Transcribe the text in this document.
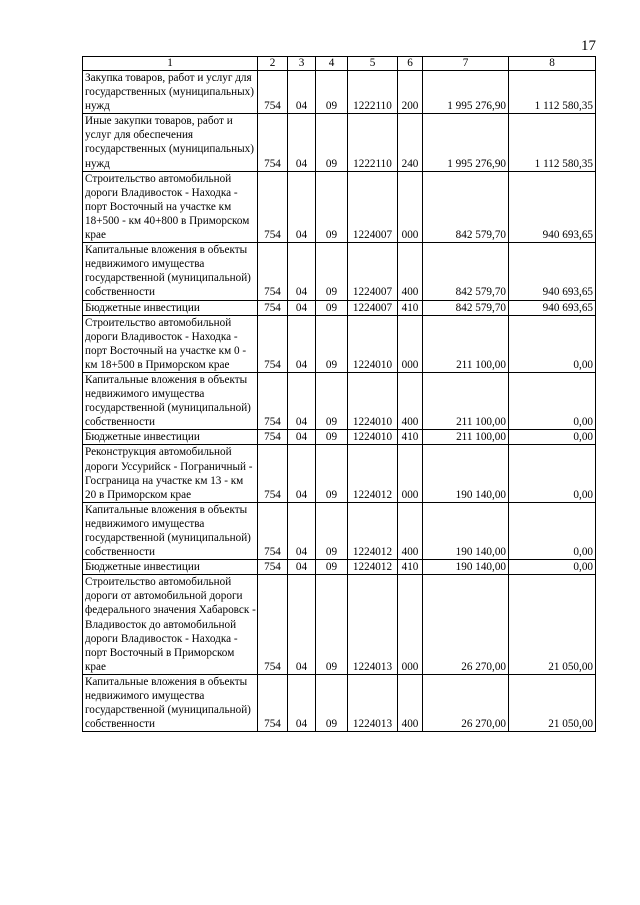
17
1	2	3	4	5	6	7	8
Закупка товаров, работ и услуг для государственных (муниципальных) нужд	754	04	09	1222110	200	1 995 276,90	1 112 580,35
Иные закупки товаров, работ и услуг для обеспечения государственных (муниципальных) нужд	754	04	09	1222110	240	1 995 276,90	1 112 580,35
Строительство автомобильной дороги Владивосток - Находка - порт Восточный на участке км 18+500 - км 40+800 в Приморском крае	754	04	09	1224007	000	842 579,70	940 693,65
Капитальные вложения в объекты недвижимого имущества государственной (муниципальной) собственности	754	04	09	1224007	400	842 579,70	940 693,65
Бюджетные инвестиции	754	04	09	1224007	410	842 579,70	940 693,65
Строительство автомобильной дороги Владивосток - Находка - порт Восточный на участке км 0 - км 18+500 в Приморском крае	754	04	09	1224010	000	211 100,00	0,00
Капитальные вложения в объекты недвижимого имущества государственной (муниципальной) собственности	754	04	09	1224010	400	211 100,00	0,00
Бюджетные инвестиции	754	04	09	1224010	410	211 100,00	0,00
Реконструкция автомобильной дороги Уссурийск - Пограничный - Госграница на участке км 13 - км 20 в Приморском крае	754	04	09	1224012	000	190 140,00	0,00
Капитальные вложения в объекты недвижимого имущества государственной (муниципальной) собственности	754	04	09	1224012	400	190 140,00	0,00
Бюджетные инвестиции	754	04	09	1224012	410	190 140,00	0,00
Строительство автомобильной дороги от автомобильной дороги федерального значения Хабаровск - Владивосток до автомобильной дороги Владивосток - Находка - порт Восточный в Приморском крае	754	04	09	1224013	000	26 270,00	21 050,00
Капитальные вложения в объекты недвижимого имущества государственной (муниципальной) собственности	754	04	09	1224013	400	26 270,00	21 050,00
